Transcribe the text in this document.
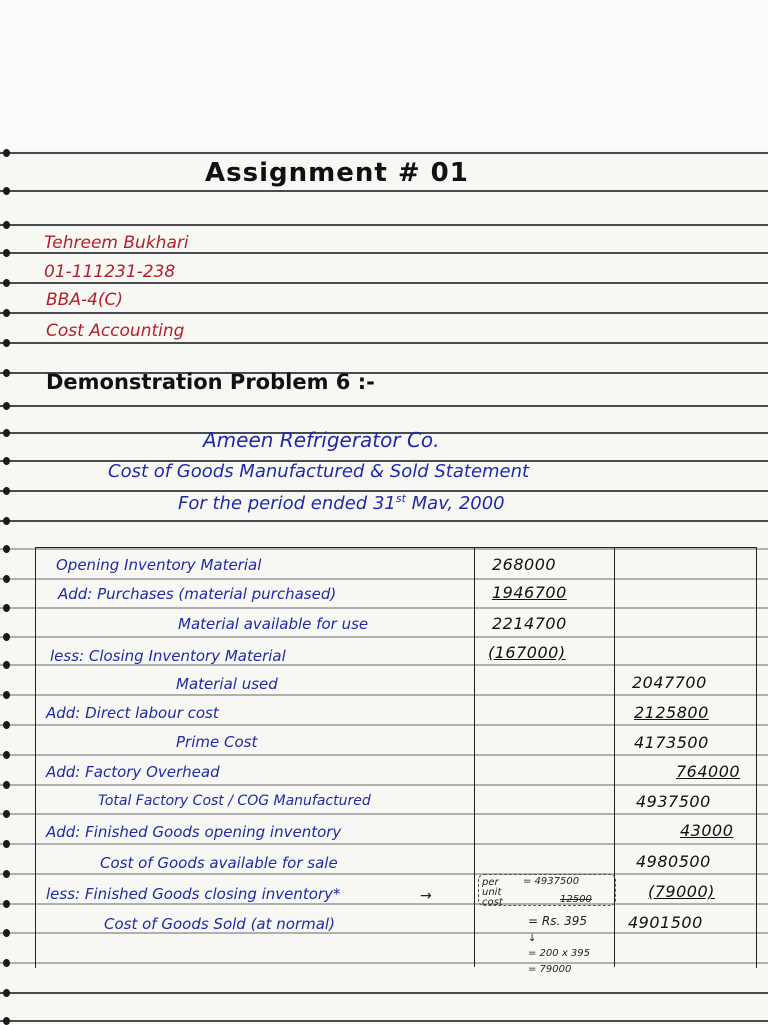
Assignment # 01
Tehreem Bukhari
01-111231-238
BBA-4(C)
Cost Accounting
Demonstration Problem 6 :-
Ameen Refrigerator Co.
Cost of Goods Manufactured & Sold Statement
For the period ended 31st Mav, 2000
Opening Inventory Material
Add: Purchases (material purchased)
Material available for use
less: Closing Inventory Material
Material used
Add: Direct labour cost
Prime Cost
Add: Factory Overhead
Total Factory Cost / COG Manufactured
Add: Finished Goods opening inventory
Cost of Goods available for sale
less: Finished Goods closing inventory*
Cost of Goods Sold (at normal)
268000
1946700
2214700
(167000)
2047700
2125800
4173500
764000
4937500
43000
4980500
(79000)
4901500
→
per unit cost
= 4937500
12500
= Rs. 395
↓
= 200 x 395
= 79000
